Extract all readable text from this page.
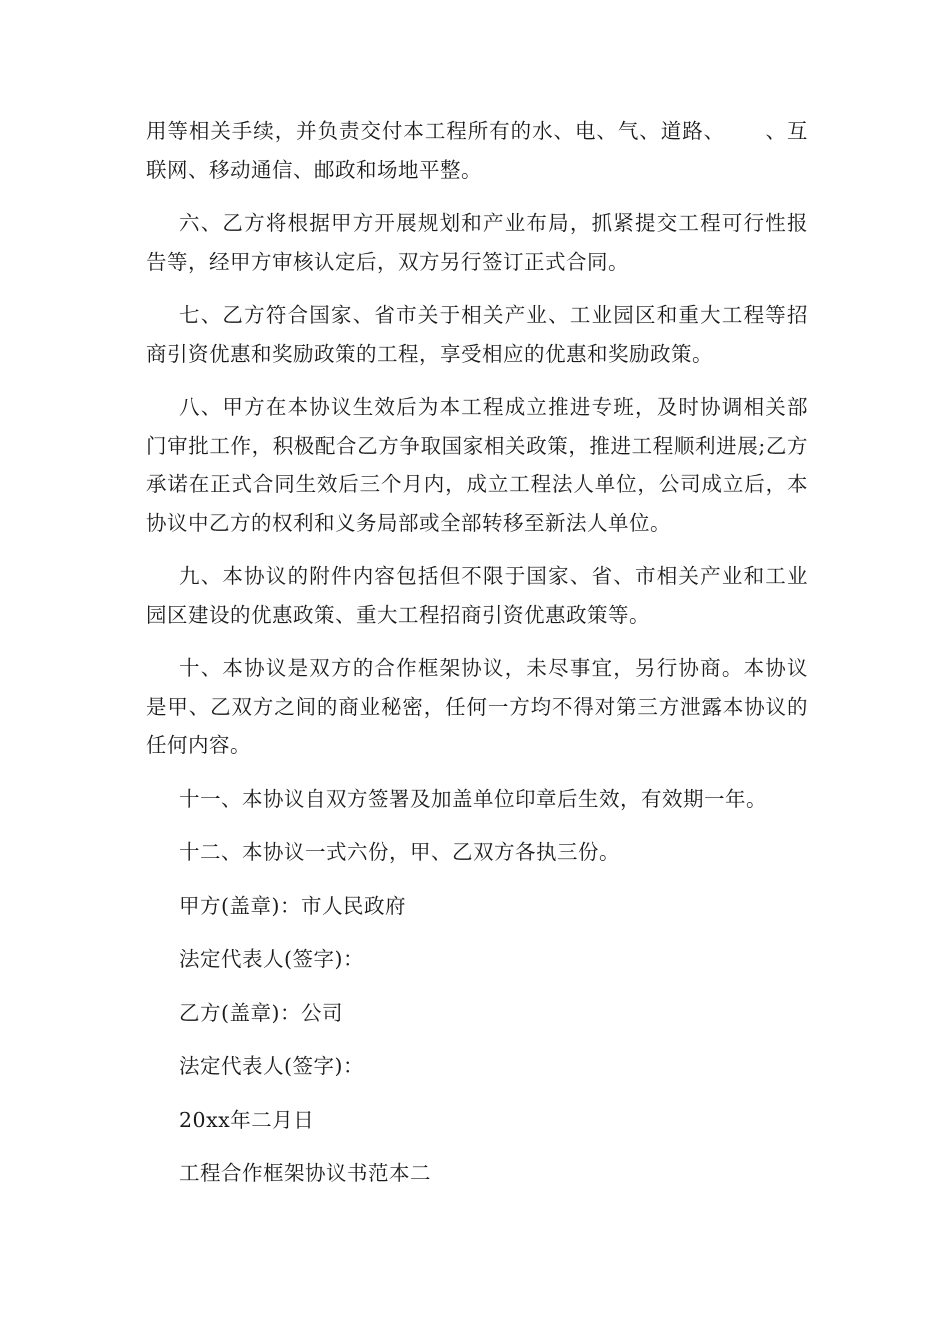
用等相关手续，并负责交付本工程所有的水、电、气、道路、 、互联网、移动通信、邮政和场地平整。

六、乙方将根据甲方开展规划和产业布局，抓紧提交工程可行性报告等，经甲方审核认定后，双方另行签订正式合同。

七、乙方符合国家、省市关于相关产业、工业园区和重大工程等招商引资优惠和奖励政策的工程，享受相应的优惠和奖励政策。

八、甲方在本协议生效后为本工程成立推进专班，及时协调相关部门审批工作，积极配合乙方争取国家相关政策，推进工程顺利进展;乙方承诺在正式合同生效后三个月内，成立工程法人单位，公司成立后，本协议中乙方的权利和义务局部或全部转移至新法人单位。

九、本协议的附件内容包括但不限于国家、省、市相关产业和工业园区建设的优惠政策、重大工程招商引资优惠政策等。

十、本协议是双方的合作框架协议，未尽事宜，另行协商。本协议是甲、乙双方之间的商业秘密，任何一方均不得对第三方泄露本协议的任何内容。

十一、本协议自双方签署及加盖单位印章后生效，有效期一年。

十二、本协议一式六份，甲、乙双方各执三份。

甲方(盖章)：市人民政府

法定代表人(签字)：

乙方(盖章)：公司

法定代表人(签字)：

20xx年二月日

工程合作框架协议书范本二
